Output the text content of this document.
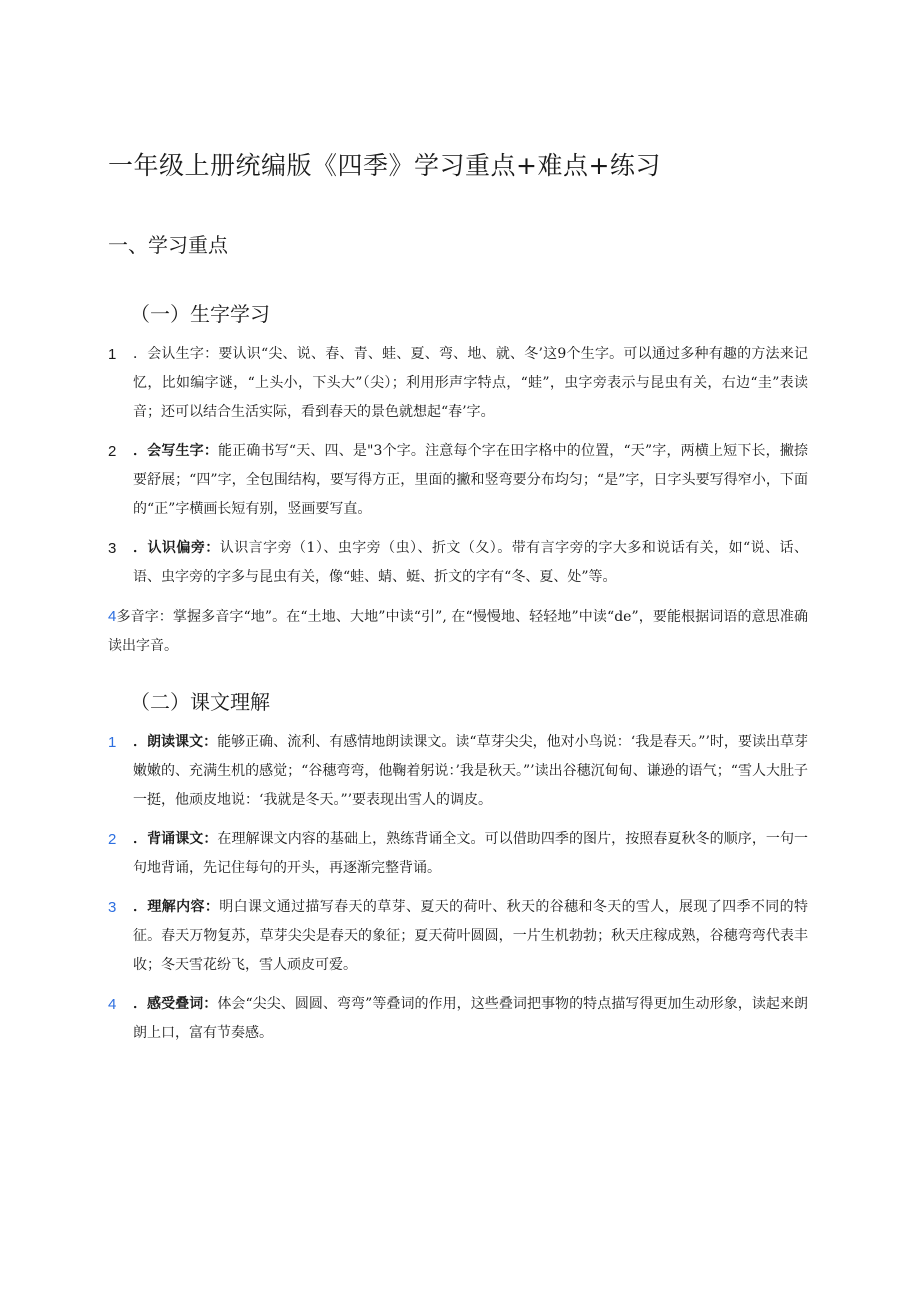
一年级上册统编版《四季》学习重点+难点+练习
一、学习重点
（一）生字学习
1	．会认生字：要认识“尖、说、春、青、蛙、夏、弯、地、就、冬’这9个生字。可以通过多种有趣的方法来记忆，比如编字谜，“上头小，下头大”（尖）；利用形声字特点，“蛙”，虫字旁表示与昆虫有关，右边“圭”表读音；还可以结合生活实际，看到春天的景色就想起“春’字。
2	．会写生字：能正确书写“天、四、是"3个字。注意每个字在田字格中的位置，“天”字，两横上短下长，撇捺要舒展；“四”字，全包围结构，要写得方正，里面的撇和竖弯要分布均匀；“是”字，日字头要写得窄小，下面的“正”字横画长短有别，竖画要写直。
3	．认识偏旁：认识言字旁（1）、虫字旁（虫）、折文（夂）。带有言字旁的字大多和说话有关，如“说、话、语、虫字旁的字多与昆虫有关，像“蛙、蜻、蜓、折文的字有“冬、夏、处”等。
4多音字：掌握多音字“地”。在“土地、大地”中读“引”, 在“慢慢地、轻轻地”中读“de”，要能根据词语的意思准确读出字音。
（二）课文理解
1	．朗读课文：能够正确、流利、有感情地朗读课文。读“草芽尖尖，他对小鸟说：‘我是春天。”’时，要读出草芽嫩嫩的、充满生机的感觉；“谷穗弯弯，他鞠着躬说：’我是秋天。”’读出谷穗沉甸甸、谦逊的语气；“雪人大肚子一挺，他顽皮地说：‘我就是冬天。”’要表现出雪人的调皮。
2	．背诵课文：在理解课文内容的基础上，熟练背诵全文。可以借助四季的图片，按照春夏秋冬的顺序，一句一句地背诵，先记住每句的开头，再逐渐完整背诵。
3	．理解内容：明白课文通过描写春天的草芽、夏天的荷叶、秋天的谷穗和冬天的雪人，展现了四季不同的特征。春天万物复苏，草芽尖尖是春天的象征；夏天荷叶圆圆，一片生机勃勃；秋天庄稼成熟，谷穗弯弯代表丰收；冬天雪花纷飞，雪人顽皮可爱。
4	．感受叠词：体会“尖尖、圆圆、弯弯”等叠词的作用，这些叠词把事物的特点描写得更加生动形象，读起来朗朗上口，富有节奏感。
